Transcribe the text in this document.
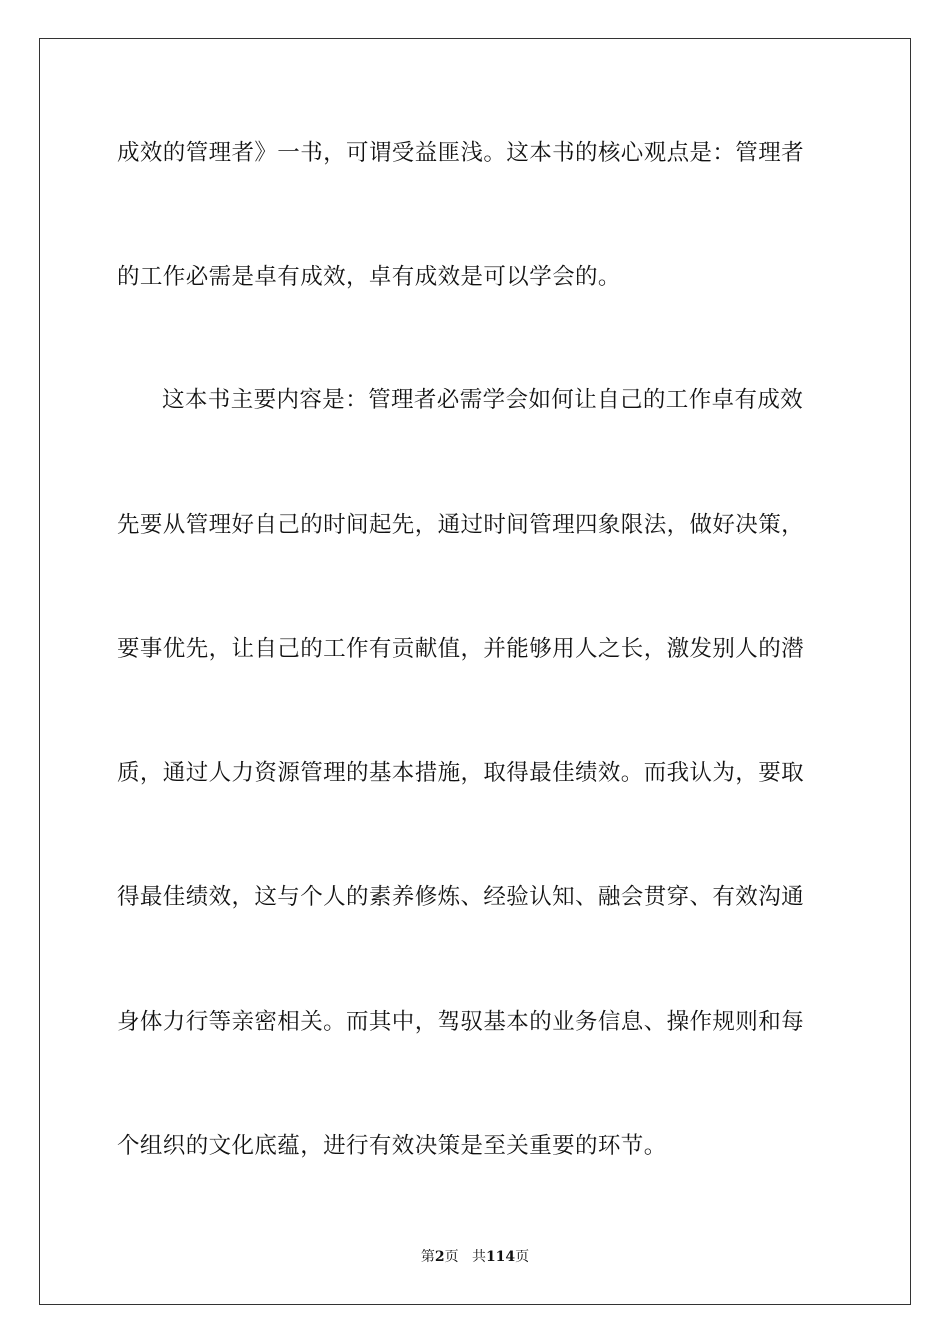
成效的管理者》一书，可谓受益匪浅。这本书的核心观点是：管理者
的工作必需是卓有成效，卓有成效是可以学会的。
这本书主要内容是：管理者必需学会如何让自己的工作卓有成效
先要从管理好自己的时间起先，通过时间管理四象限法，做好决策，
要事优先，让自己的工作有贡献值，并能够用人之长，激发别人的潜
质，通过人力资源管理的基本措施，取得最佳绩效。而我认为，要取
得最佳绩效，这与个人的素养修炼、经验认知、融会贯穿、有效沟通
身体力行等亲密相关。而其中，驾驭基本的业务信息、操作规则和每
个组织的文化底蕴，进行有效决策是至关重要的环节。
第2页 共114页
